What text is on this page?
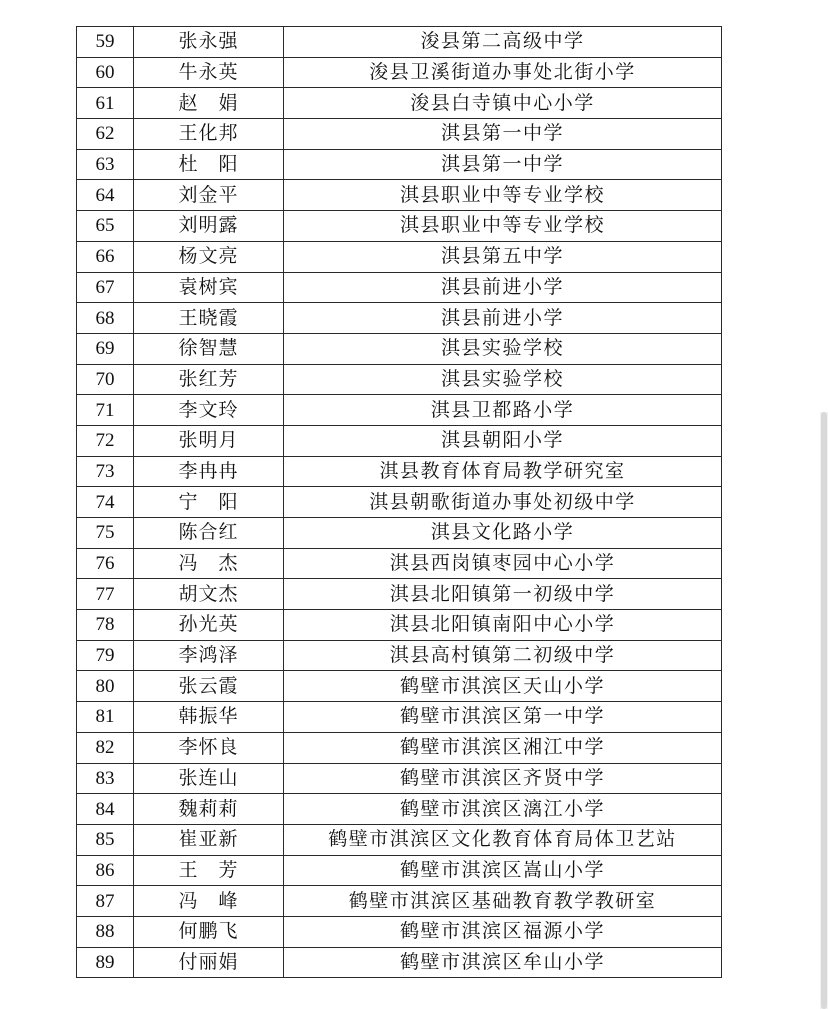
59	张永强	浚县第二高级中学
60	牛永英	浚县卫溪街道办事处北街小学
61	赵　娟	浚县白寺镇中心小学
62	王化邦	淇县第一中学
63	杜　阳	淇县第一中学
64	刘金平	淇县职业中等专业学校
65	刘明露	淇县职业中等专业学校
66	杨文亮	淇县第五中学
67	袁树宾	淇县前进小学
68	王晓霞	淇县前进小学
69	徐智慧	淇县实验学校
70	张红芳	淇县实验学校
71	李文玲	淇县卫都路小学
72	张明月	淇县朝阳小学
73	李冉冉	淇县教育体育局教学研究室
74	宁　阳	淇县朝歌街道办事处初级中学
75	陈合红	淇县文化路小学
76	冯　杰	淇县西岗镇枣园中心小学
77	胡文杰	淇县北阳镇第一初级中学
78	孙光英	淇县北阳镇南阳中心小学
79	李鸿泽	淇县高村镇第二初级中学
80	张云霞	鹤壁市淇滨区天山小学
81	韩振华	鹤壁市淇滨区第一中学
82	李怀良	鹤壁市淇滨区湘江中学
83	张连山	鹤壁市淇滨区齐贤中学
84	魏莉莉	鹤壁市淇滨区漓江小学
85	崔亚新	鹤壁市淇滨区文化教育体育局体卫艺站
86	王　芳	鹤壁市淇滨区嵩山小学
87	冯　峰	鹤壁市淇滨区基础教育教学教研室
88	何鹏飞	鹤壁市淇滨区福源小学
89	付丽娟	鹤壁市淇滨区牟山小学
